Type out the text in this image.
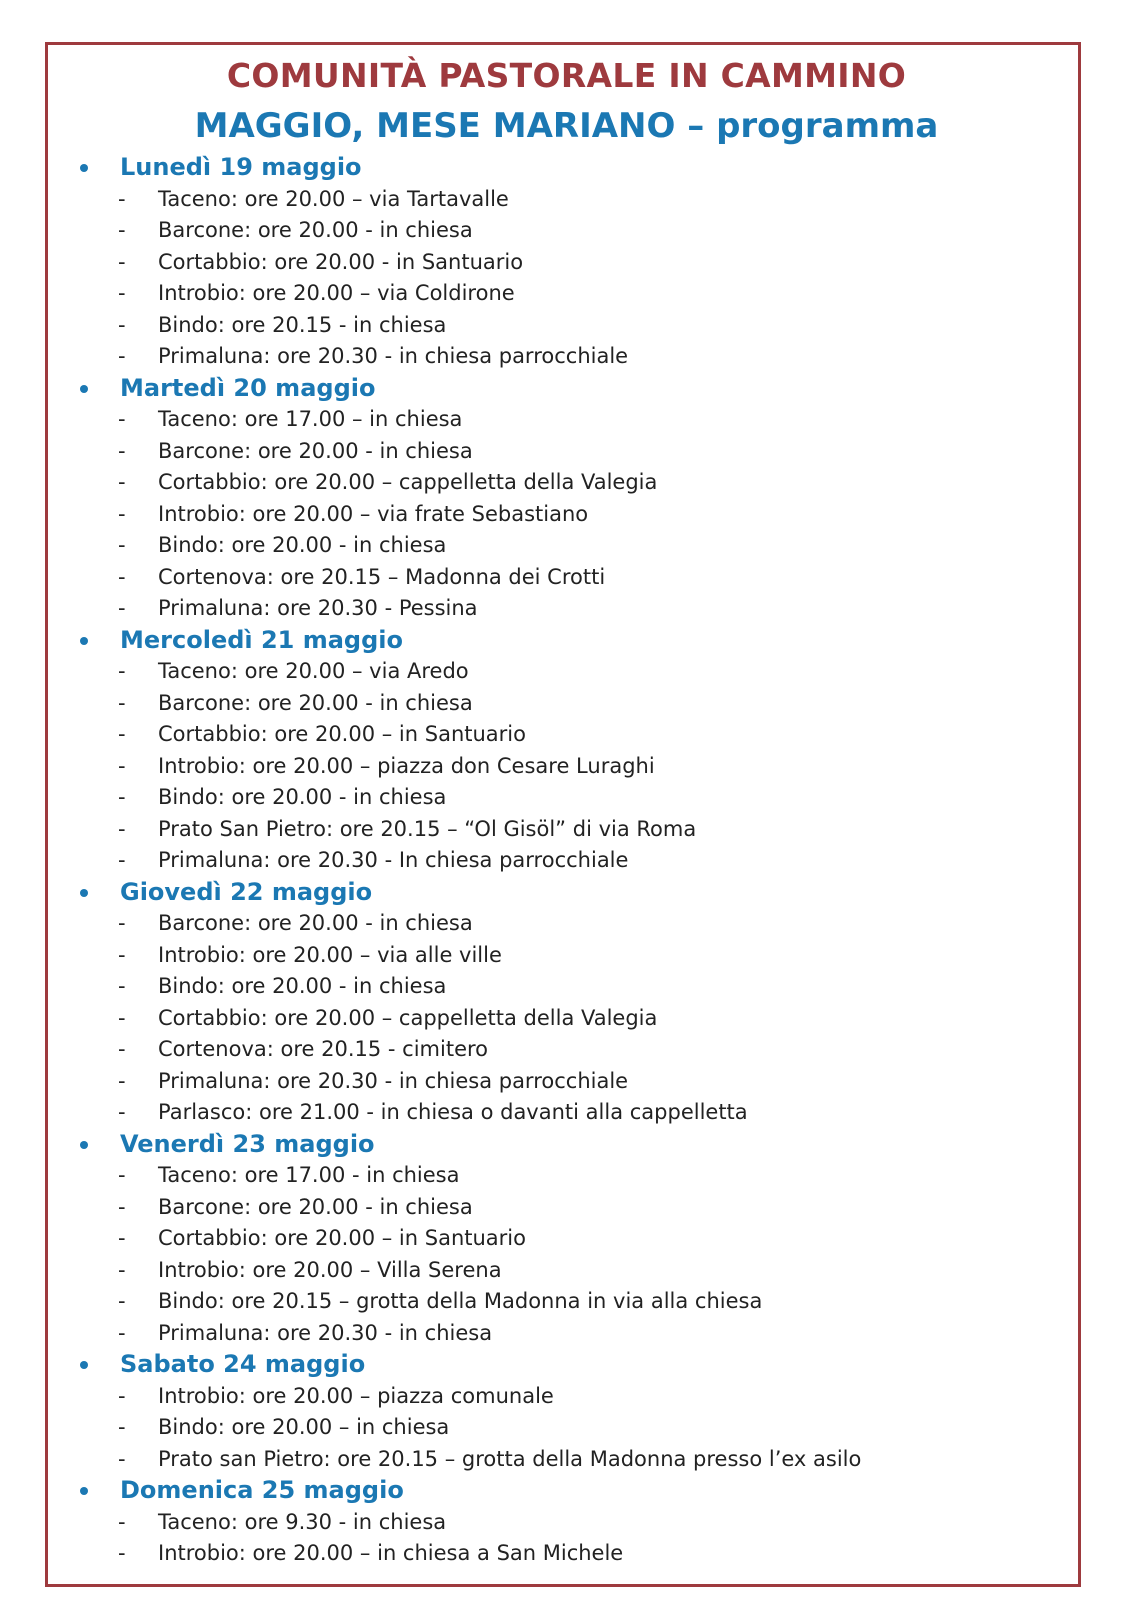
COMUNITÀ PASTORALE IN CAMMINO
MAGGIO, MESE MARIANO – programma
Lunedì 19 maggio
- Taceno: ore 20.00 – via Tartavalle
- Barcone: ore 20.00 - in chiesa
- Cortabbio: ore 20.00 - in Santuario
- Introbio: ore 20.00 – via Coldirone
- Bindo: ore 20.15 - in chiesa
- Primaluna: ore 20.30 - in chiesa parrocchiale
Martedì 20 maggio
- Taceno: ore 17.00 – in chiesa
- Barcone: ore 20.00 - in chiesa
- Cortabbio: ore 20.00 – cappelletta della Valegia
- Introbio: ore 20.00 – via frate Sebastiano
- Bindo: ore 20.00 - in chiesa
- Cortenova: ore 20.15 – Madonna dei Crotti
- Primaluna: ore 20.30 - Pessina
Mercoledì 21 maggio
- Taceno: ore 20.00 – via Aredo
- Barcone: ore 20.00 - in chiesa
- Cortabbio: ore 20.00 – in Santuario
- Introbio: ore 20.00 – piazza don Cesare Luraghi
- Bindo: ore 20.00 - in chiesa
- Prato San Pietro: ore 20.15 – “Ol Gisöl” di via Roma
- Primaluna: ore 20.30 - In chiesa parrocchiale
Giovedì 22 maggio
- Barcone: ore 20.00 - in chiesa
- Introbio: ore 20.00 – via alle ville
- Bindo: ore 20.00 - in chiesa
- Cortabbio: ore 20.00 – cappelletta della Valegia
- Cortenova: ore 20.15 - cimitero
- Primaluna: ore 20.30 - in chiesa parrocchiale
- Parlasco: ore 21.00 - in chiesa o davanti alla cappelletta
Venerdì 23 maggio
- Taceno: ore 17.00 - in chiesa
- Barcone: ore 20.00 - in chiesa
- Cortabbio: ore 20.00 – in Santuario
- Introbio: ore 20.00 – Villa Serena
- Bindo: ore 20.15 – grotta della Madonna in via alla chiesa
- Primaluna: ore 20.30 - in chiesa
Sabato 24 maggio
- Introbio: ore 20.00 – piazza comunale
- Bindo: ore 20.00 – in chiesa
- Prato san Pietro: ore 20.15 – grotta della Madonna presso l’ex asilo
Domenica 25 maggio
- Taceno: ore 9.30 - in chiesa
- Introbio: ore 20.00 – in chiesa a San Michele
